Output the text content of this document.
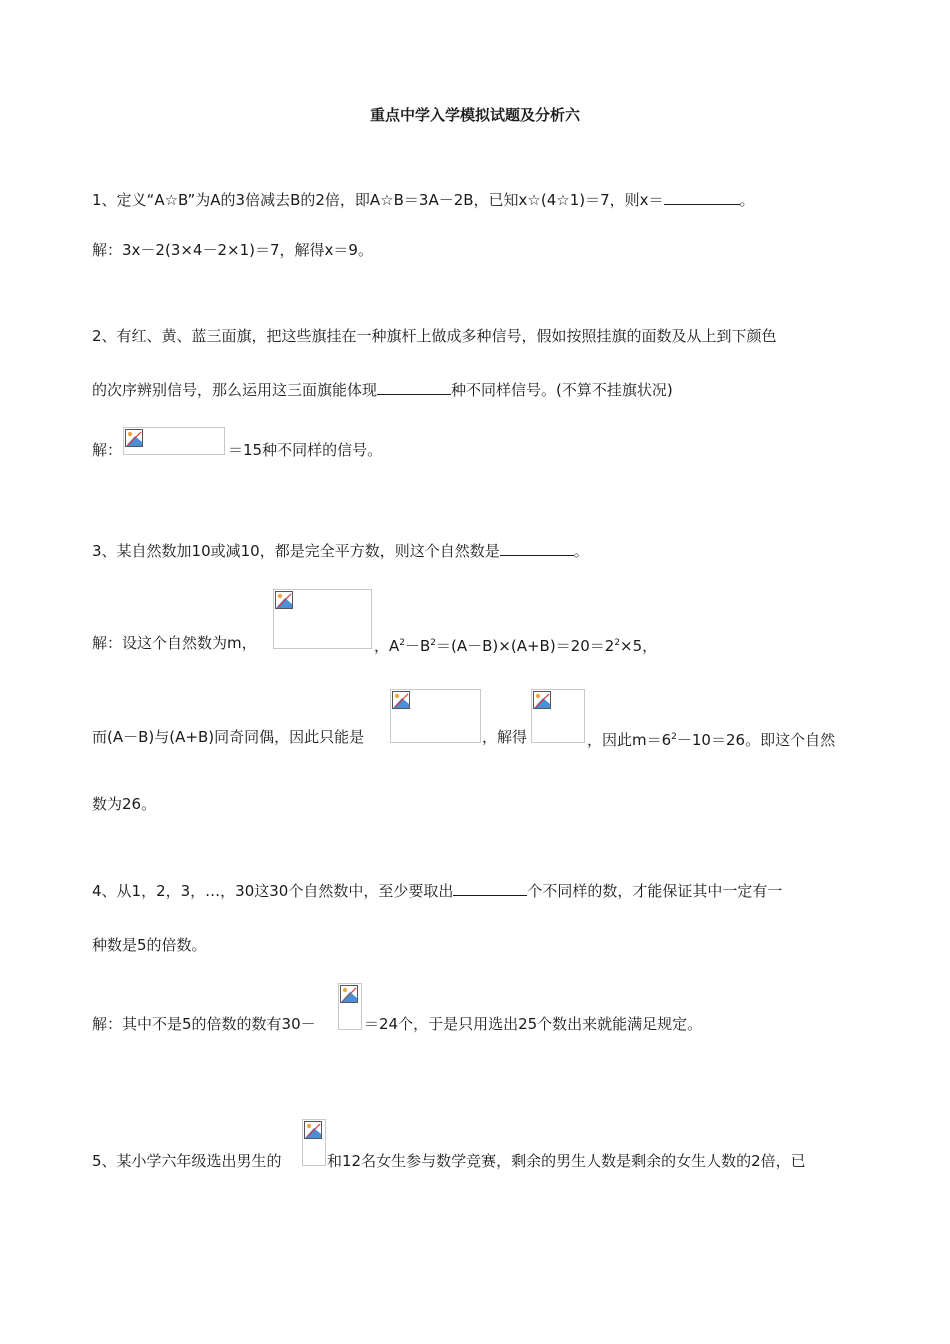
重点中学入学模拟试题及分析六
1、定义“A☆B”为A的3倍减去B的2倍，即A☆B＝3A－2B，已知x☆(4☆1)＝7，则x＝	。
解：3x－2(3×4－2×1)＝7，解得x＝9。
2、有红、黄、蓝三面旗，把这些旗挂在一种旗杆上做成多种信号，假如按照挂旗的面数及从上到下颜色
的次序辨别信号，那么运用这三面旗能体现	种不同样信号。(不算不挂旗状况)
解：	＝15种不同样的信号。
3、某自然数加10或减10，都是完全平方数，则这个自然数是	。
解：设这个自然数为m，	，$A^2-B^2=(A-B)\times(A+B)=20=2^2\times 5$，
而(A－B)与(A+B)同奇同偶，因此只能是	，解得	，因此$m=6^2-10=26$。即这个自然
数为26。
4、从1，2，3，…，30这30个自然数中，至少要取出	个不同样的数，才能保证其中一定有一
种数是5的倍数。
解：其中不是5的倍数的数有30－	＝24个，于是只用选出25个数出来就能满足规定。
5、某小学六年级选出男生的	和12名女生参与数学竞赛，剩余的男生人数是剩余的女生人数的2倍，已
